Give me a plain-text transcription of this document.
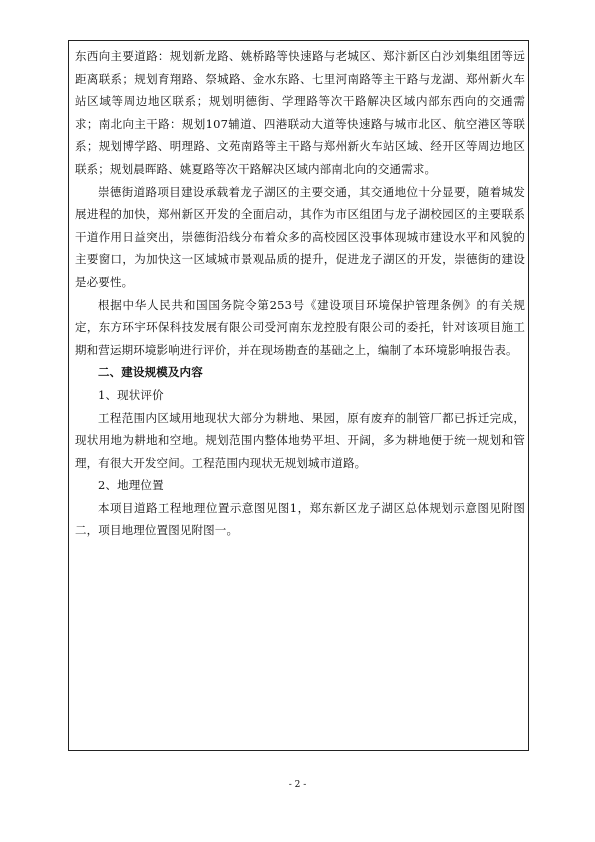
东西向主要道路：规划新龙路、姚桥路等快速路与老城区、郑汴新区白沙刘集组团等远距离联系；规划育翔路、祭城路、金水东路、七里河南路等主干路与龙湖、郑州新火车站区域等周边地区联系；规划明德街、学理路等次干路解决区域内部东西向的交通需求；南北向主干路：规划107辅道、四港联动大道等快速路与城市北区、航空港区等联系；规划博学路、明理路、文苑南路等主干路与郑州新火车站区域、经开区等周边地区联系；规划晨晖路、姚夏路等次干路解决区域内部南北向的交通需求。

崇德街道路项目建设承载着龙子湖区的主要交通，其交通地位十分显要，随着城发展进程的加快，郑州新区开发的全面启动，其作为市区组团与龙子湖校园区的主要联系干道作用日益突出，崇德街沿线分布着众多的高校园区没事体现城市建设水平和风貌的主要窗口，为加快这一区域城市景观品质的提升，促进龙子湖区的开发，崇德街的建设是必要性。

根据中华人民共和国国务院令第253号《建设项目环境保护管理条例》的有关规定，东方环宇环保科技发展有限公司受河南东龙控股有限公司的委托，针对该项目施工期和营运期环境影响进行评价，并在现场勘查的基础之上，编制了本环境影响报告表。

二、建设规模及内容

1、现状评价

工程范围内区域用地现状大部分为耕地、果园，原有废弃的制管厂都已拆迁完成，现状用地为耕地和空地。规划范围内整体地势平坦、开阔，多为耕地便于统一规划和管理，有很大开发空间。工程范围内现状无规划城市道路。

2、地理位置

本项目道路工程地理位置示意图见图1，郑东新区龙子湖区总体规划示意图见附图二，项目地理位置图见附图一。

- 2 -
